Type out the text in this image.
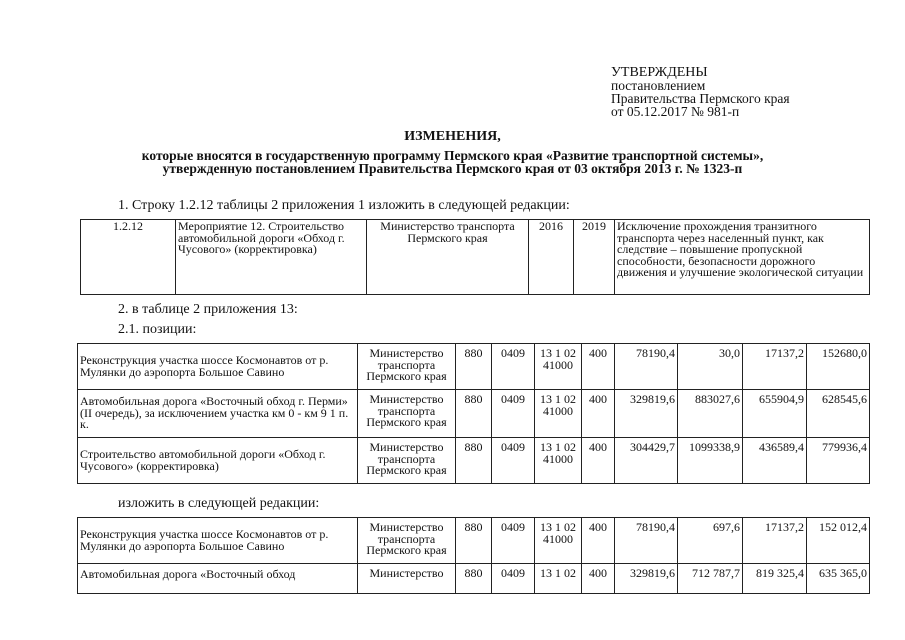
УТВЕРЖДЕНЫ
постановлением
Правительства Пермского края
от 05.12.2017 № 981-п
ИЗМЕНЕНИЯ,
которые вносятся в государственную программу Пермского края «Развитие транспортной системы»,
утвержденную постановлением Правительства Пермского края от 03 октября 2013 г. № 1323-п
1. Строку 1.2.12 таблицы 2 приложения 1 изложить в следующей редакции:
1.2.12	Мероприятие 12. Строительство автомобильной дороги «Обход г. Чусового» (корректировка)	Министерство транспорта Пермского края	2016	2019	Исключение прохождения транзитного транспорта через населенный пункт, как следствие – повышение пропускной способности, безопасности дорожного движения и улучшение экологической ситуации
2. в таблице 2 приложения 13:
2.1. позиции:
Реконструкция участка шоссе Космонавтов от р. Мулянки до аэропорта Большое Савино	Министерство транспорта Пермского края	880	0409	13 1 02 41000	400	78190,4	30,0	17137,2	152680,0
Автомобильная дорога «Восточный обход г. Перми» (II очередь), за исключением участка км 0 - км 9 1 п. к.	Министерство транспорта Пермского края	880	0409	13 1 02 41000	400	329819,6	883027,6	655904,9	628545,6
Строительство автомобильной дороги «Обход г. Чусового» (корректировка)	Министерство транспорта Пермского края	880	0409	13 1 02 41000	400	304429,7	1099338,9	436589,4	779936,4
изложить в следующей редакции:
Реконструкция участка шоссе Космонавтов от р. Мулянки до аэропорта Большое Савино	Министерство транспорта Пермского края	880	0409	13 1 02 41000	400	78190,4	697,6	17137,2	152 012,4
Автомобильная дорога «Восточный обход	Министерство	880	0409	13 1 02	400	329819,6	712 787,7	819 325,4	635 365,0
